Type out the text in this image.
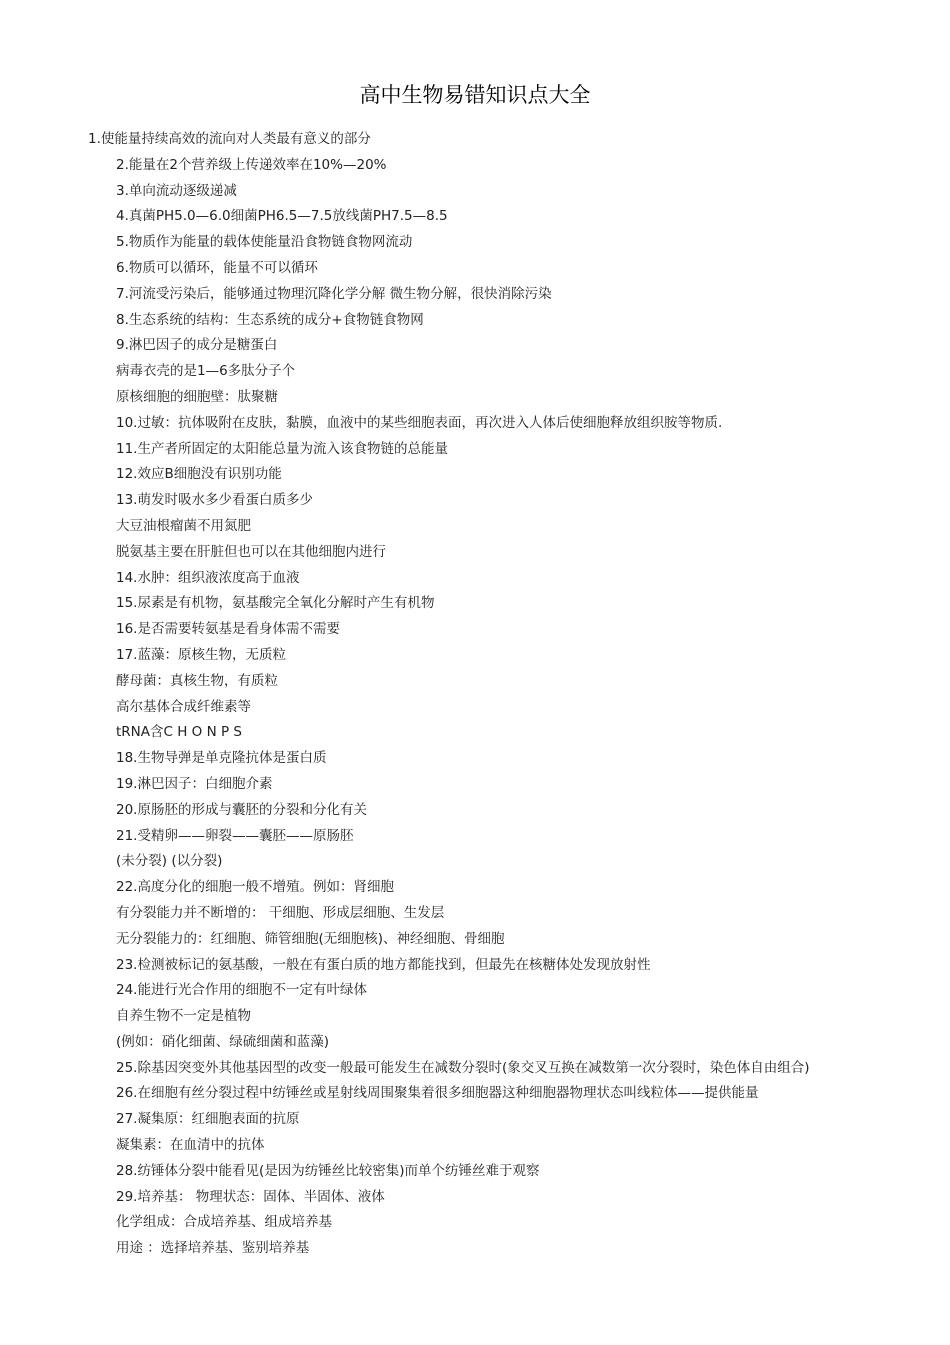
高中生物易错知识点大全
1.使能量持续高效的流向对人类最有意义的部分
2.能量在2个营养级上传递效率在10%—20%
3.单向流动逐级递减
4.真菌PH5.0—6.0细菌PH6.5—7.5放线菌PH7.5—8.5
5.物质作为能量的载体使能量沿食物链食物网流动
6.物质可以循环，能量不可以循环
7.河流受污染后，能够通过物理沉降化学分解 微生物分解，很快消除污染
8.生态系统的结构：生态系统的成分+食物链食物网
9.淋巴因子的成分是糖蛋白
病毒衣壳的是1—6多肽分子个
原核细胞的细胞壁：肽聚糖
10.过敏：抗体吸附在皮肤，黏膜，血液中的某些细胞表面，再次进入人体后使细胞释放组织胺等物质.
11.生产者所固定的太阳能总量为流入该食物链的总能量
12.效应B细胞没有识别功能
13.萌发时吸水多少看蛋白质多少
大豆油根瘤菌不用氮肥
脱氨基主要在肝脏但也可以在其他细胞内进行
14.水肿：组织液浓度高于血液
15.尿素是有机物，氨基酸完全氧化分解时产生有机物
16.是否需要转氨基是看身体需不需要
17.蓝藻：原核生物，无质粒
酵母菌：真核生物，有质粒
高尔基体合成纤维素等
tRNA含C H O N P S
18.生物导弹是单克隆抗体是蛋白质
19.淋巴因子：白细胞介素
20.原肠胚的形成与囊胚的分裂和分化有关
21.受精卵——卵裂——囊胚——原肠胚
(未分裂) (以分裂)
22.高度分化的细胞一般不增殖。例如：肾细胞
有分裂能力并不断增的： 干细胞、形成层细胞、生发层
无分裂能力的：红细胞、筛管细胞(无细胞核)、神经细胞、骨细胞
23.检测被标记的氨基酸，一般在有蛋白质的地方都能找到，但最先在核糖体处发现放射性
24.能进行光合作用的细胞不一定有叶绿体
自养生物不一定是植物
(例如：硝化细菌、绿硫细菌和蓝藻)
25.除基因突变外其他基因型的改变一般最可能发生在减数分裂时(象交叉互换在减数第一次分裂时，染色体自由组合)
26.在细胞有丝分裂过程中纺锤丝或星射线周围聚集着很多细胞器这种细胞器物理状态叫线粒体——提供能量
27.凝集原：红细胞表面的抗原
凝集素：在血清中的抗体
28.纺锤体分裂中能看见(是因为纺锤丝比较密集)而单个纺锤丝难于观察
29.培养基： 物理状态：固体、半固体、液体
化学组成：合成培养基、组成培养基
用途 ：选择培养基、鉴别培养基
